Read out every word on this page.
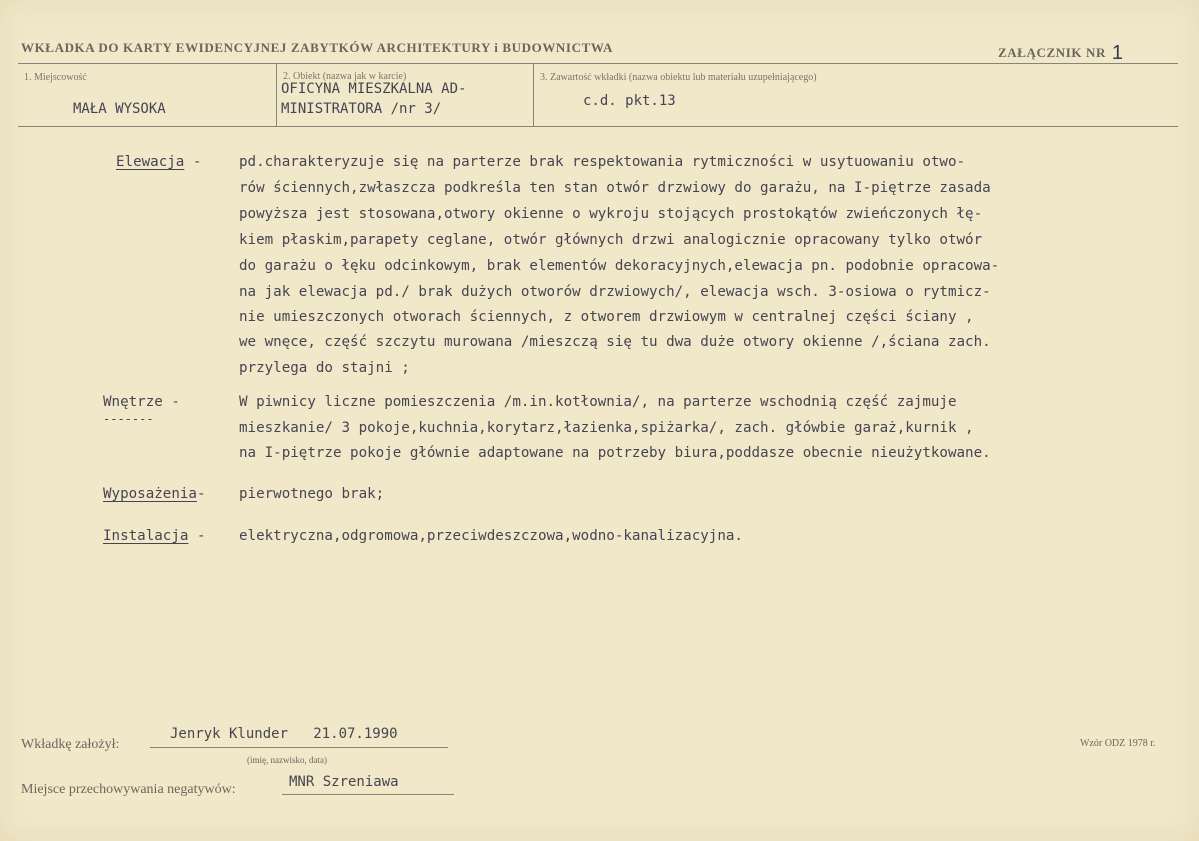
WKŁADKA DO KARTY EWIDENCYJNEJ ZABYTKÓW ARCHITEKTURY i BUDOWNICTWA	ZAŁĄCZNIK NR 1
1. Miejscowość
MAŁA WYSOKA
2. Obiekt (nazwa jak w karcie)
OFICYNA MIESZKALNA AD-
MINISTRATORA /nr 3/
3. Zawartość wkładki (nazwa obiektu lub materiału uzupełniającego)
c.d. pkt.13
Elewacja -	pd.charakteryzuje się na parterze brak respektowania rytmiczności w usytuowaniu otwo-
rów ściennych,zwłaszcza podkreśla ten stan otwór drzwiowy do garażu, na I-piętrze zasada
powyższa jest stosowana,otwory okienne o wykroju stojących prostokątów zwieńczonych łę-
kiem płaskim,parapety ceglane, otwór głównych drzwi analogicznie opracowany tylko otwór
do garażu o łęku odcinkowym, brak elementów dekoracyjnych,elewacja pn. podobnie opracowa-
na jak elewacja pd./ brak dużych otworów drzwiowych/, elewacja wsch. 3-osiowa o rytmicz-
nie umieszczonych otworach ściennych, z otworem drzwiowym w centralnej części ściany ,
we wnęce, część szczytu murowana /mieszczą się tu dwa duże otwory okienne /,ściana zach.
przylega do stajni ;
Wnętrze -
-------
W piwnicy liczne pomieszczenia /m.in.kotłownia/, na parterze wschodnią część zajmuje
mieszkanie/ 3 pokoje,kuchnia,korytarz,łazienka,spiżarka/, zach. główbie garaż,kurnik ,
na I-piętrze pokoje głównie adaptowane na potrzeby biura,poddasze obecnie nieużytkowane.
Wyposażenia- pierwotnego brak;
Instalacja - elektryczna,odgromowa,przeciwdeszczowa,wodno-kanalizacyjna.
Wkładkę założył:
Jenryk Klunder   21.07.1990
(imię, nazwisko, data)
Miejsce przechowywania negatywów:	MNR Szreniawa
Wzór ODZ 1978 r.
